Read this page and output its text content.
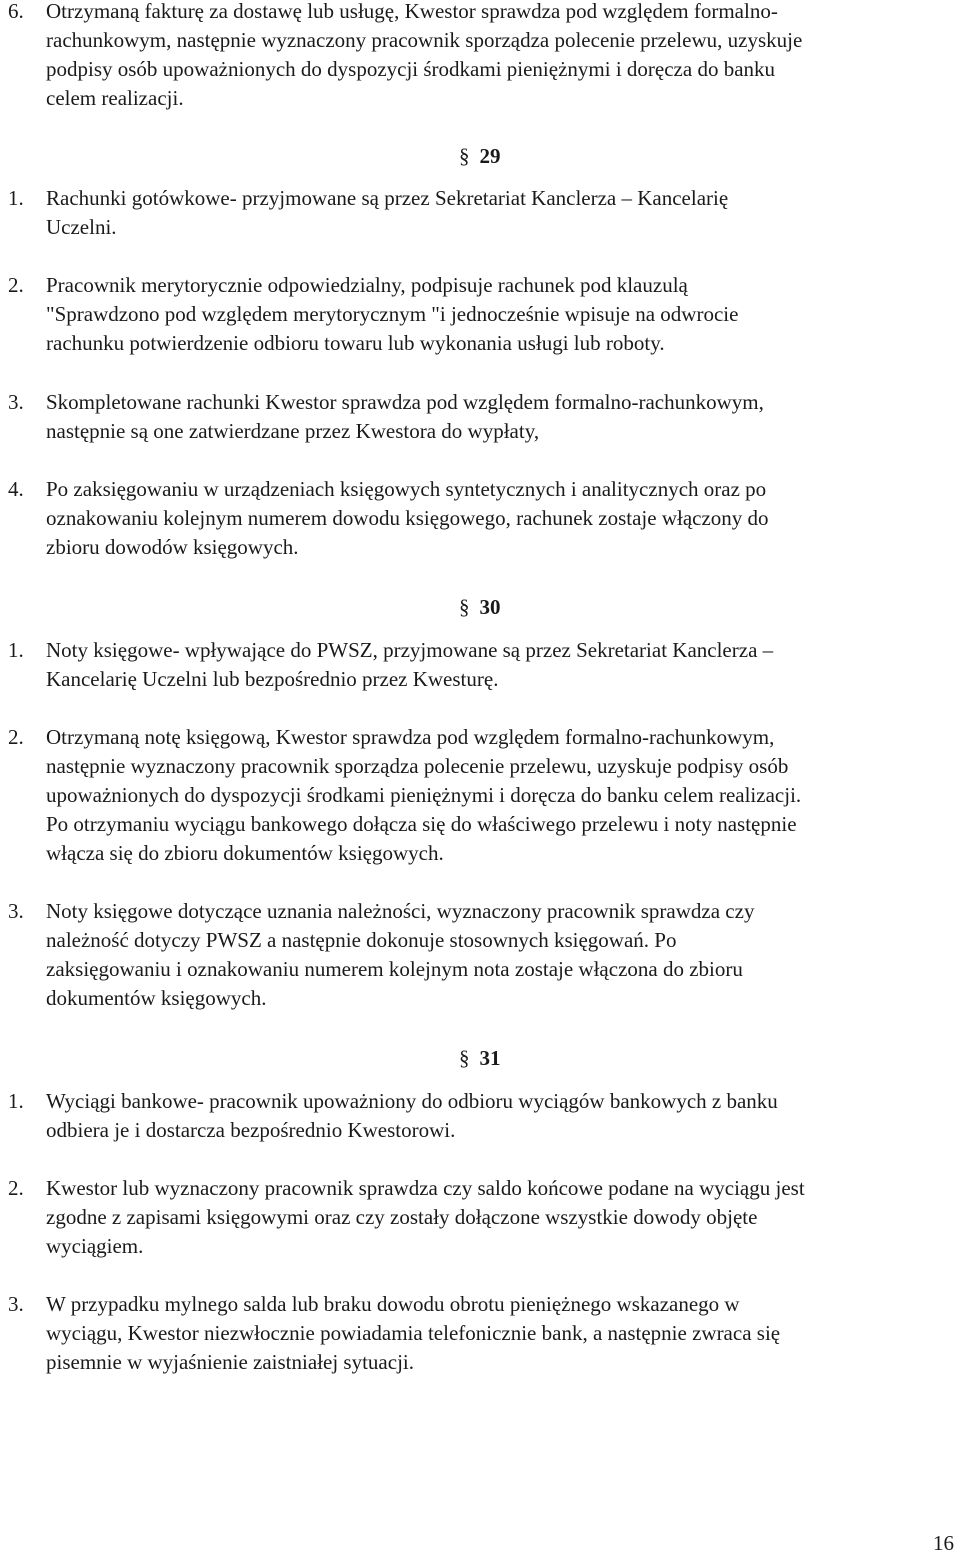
6. Otrzymaną fakturę za dostawę lub usługę, Kwestor sprawdza pod względem formalno-
rachunkowym, następnie wyznaczony pracownik sporządza polecenie przelewu, uzyskuje
podpisy osób upoważnionych do dyspozycji środkami pieniężnymi i doręcza do banku
celem realizacji.
§ 29
1. Rachunki gotówkowe- przyjmowane są przez Sekretariat Kanclerza – Kancelarię
Uczelni.
2. Pracownik merytorycznie odpowiedzialny, podpisuje rachunek pod klauzulą
"Sprawdzono pod względem merytorycznym "i jednocześnie wpisuje na odwrocie
rachunku potwierdzenie odbioru towaru lub wykonania usługi lub roboty.
3. Skompletowane rachunki Kwestor sprawdza pod względem formalno-rachunkowym,
następnie są one zatwierdzane przez Kwestora do wypłaty,
4. Po zaksięgowaniu w urządzeniach księgowych syntetycznych i analitycznych oraz po
oznakowaniu kolejnym numerem dowodu księgowego, rachunek zostaje włączony do
zbioru dowodów księgowych.
§ 30
1. Noty księgowe- wpływające do PWSZ, przyjmowane są przez Sekretariat Kanclerza –
Kancelarię Uczelni lub bezpośrednio przez Kwesturę.
2. Otrzymaną notę księgową, Kwestor sprawdza pod względem formalno-rachunkowym,
następnie wyznaczony pracownik sporządza polecenie przelewu, uzyskuje podpisy osób
upoważnionych do dyspozycji środkami pieniężnymi i doręcza do banku celem realizacji.
Po otrzymaniu wyciągu bankowego dołącza się do właściwego przelewu i noty następnie
włącza się do zbioru dokumentów księgowych.
3. Noty księgowe dotyczące uznania należności, wyznaczony pracownik sprawdza czy
należność dotyczy PWSZ a następnie dokonuje stosownych księgowań. Po
zaksięgowaniu i oznakowaniu numerem kolejnym nota zostaje włączona do zbioru
dokumentów księgowych.
§ 31
1. Wyciągi bankowe- pracownik upoważniony do odbioru wyciągów bankowych z banku
odbiera je i dostarcza bezpośrednio Kwestorowi.
2. Kwestor lub wyznaczony pracownik sprawdza czy saldo końcowe podane na wyciągu jest
zgodne z zapisami księgowymi oraz czy zostały dołączone wszystkie dowody objęte
wyciągiem.
3. W przypadku mylnego salda lub braku dowodu obrotu pieniężnego wskazanego w
wyciągu, Kwestor niezwłocznie powiadamia telefonicznie bank, a następnie zwraca się
pisemnie w wyjaśnienie zaistniałej sytuacji.
16
